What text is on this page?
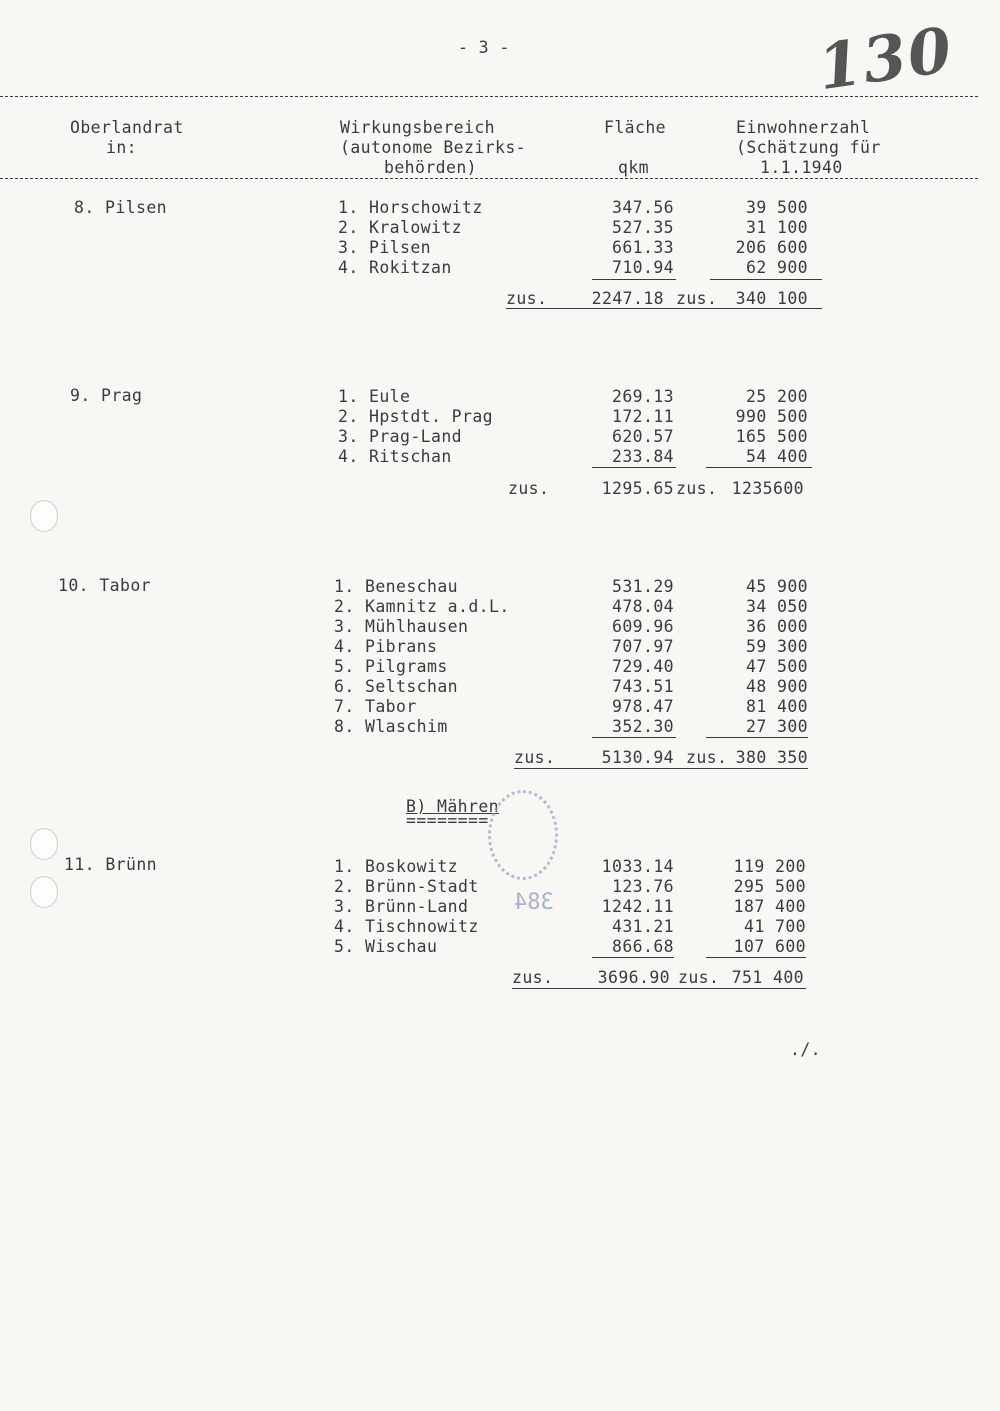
- 3 -	130
Oberlandrat
in:
Wirkungsbereich
(autonome Bezirks-
behörden)
Fläche
qkm
Einwohnerzahl
(Schätzung für
1.1.1940
8. Pilsen	1. Horschowitz	347.56	39 500
2. Kralowitz	527.35	31 100
3. Pilsen	661.33	206 600
4. Rokitzan	710.94	62 900
zus.	2247.18 zus.	340 100
9. Prag	1. Eule	269.13	25 200
2. Hpstdt. Prag	172.11	990 500
3. Prag-Land	620.57	165 500
4. Ritschan	233.84	54 400
zus.	1295.65 zus. 1235600
10. Tabor	1. Beneschau	531.29	45 900
2. Kamnitz a.d.L.	478.04	34 050
3. Mühlhausen	609.96	36 000
4. Pibrans	707.97	59 300
5. Pilgrams	729.40	47 500
6. Seltschan	743.51	48 900
7. Tabor	978.47	81 400
8. Wlaschim	352.30	27 300
zus.	5130.94 zus. 380 350
B) Mähren
========
11. Brünn	1. Boskowitz	1033.14	119 200
2. Brünn-Stadt	123.76	295 500
3. Brünn-Land	1242.11	187 400
4. Tischnowitz	431.21	41 700
5. Wischau	866.68	107 600
zus.	3696.90 zus. 751 400
./.
384
